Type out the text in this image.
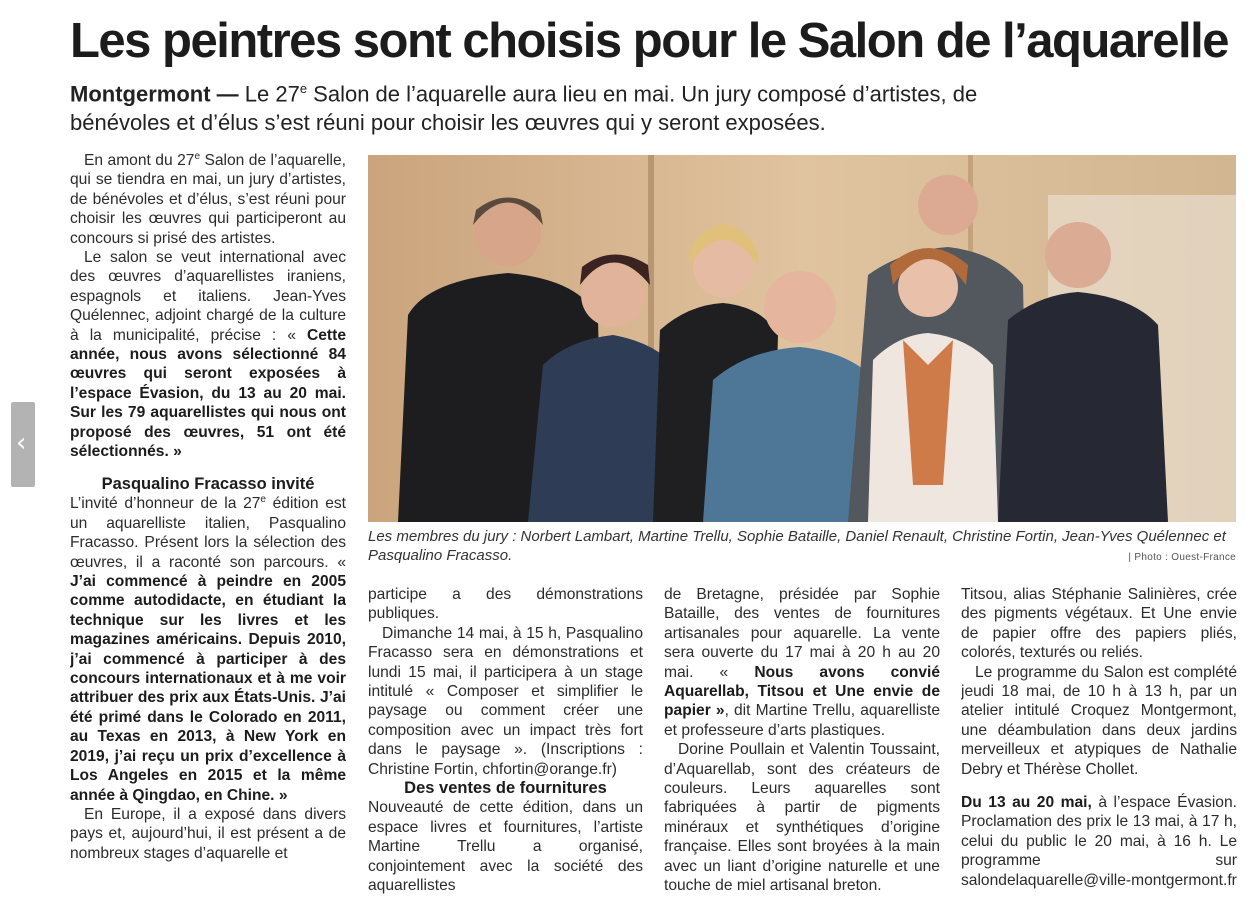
Les peintres sont choisis pour le Salon de l’aquarelle

Montgermont — Le 27e Salon de l’aquarelle aura lieu en mai. Un jury composé d’artistes, de bénévoles et d’élus s’est réuni pour choisir les œuvres qui y seront exposées.

En amont du 27e Salon de l’aquarelle, qui se tiendra en mai, un jury d’artistes, de bénévoles et d’élus, s’est réuni pour choisir les œuvres qui participeront au concours si prisé des artistes.

Le salon se veut international avec des œuvres d’aquarellistes iraniens, espagnols et italiens. Jean-Yves Quélennec, adjoint chargé de la culture à la municipalité, précise : « Cette année, nous avons sélectionné 84 œuvres qui seront exposées à l’espace Évasion, du 13 au 20 mai. Sur les 79 aquarellistes qui nous ont proposé des œuvres, 51 ont été sélectionnés. »

Pasqualino Fracasso invité

L’invité d’honneur de la 27e édition est un aquarelliste italien, Pasqualino Fracasso. Présent lors la sélection des œuvres, il a raconté son parcours. « J’ai commencé à peindre en 2005 comme autodidacte, en étudiant la technique sur les livres et les magazines américains. Depuis 2010, j’ai commencé à participer à des concours internationaux et à me voir attribuer des prix aux États-Unis. J’ai été primé dans le Colorado en 2011, au Texas en 2013, à New York en 2019, j’ai reçu un prix d’excellence à Los Angeles en 2015 et la même année à Qingdao, en Chine. »

En Europe, il a exposé dans divers pays et, aujourd’hui, il est présent a de nombreux stages d’aquarelle et

Les membres du jury : Norbert Lambart, Martine Trellu, Sophie Bataille, Daniel Renault, Christine Fortin, Jean-Yves Quélennec et Pasqualino Fracasso.	| Photo : Ouest-France

participe a des démonstrations publiques.

Dimanche 14 mai, à 15 h, Pasqualino Fracasso sera en démonstrations et lundi 15 mai, il participera à un stage intitulé « Composer et simplifier le paysage ou comment créer une composition avec un impact très fort dans le paysage ». (Inscriptions : Christine Fortin, chfortin@orange.fr)

Des ventes de fournitures

Nouveauté de cette édition, dans un espace livres et fournitures, l’artiste Martine Trellu a organisé, conjointement avec la société des aquarellistes

de Bretagne, présidée par Sophie Bataille, des ventes de fournitures artisanales pour aquarelle. La vente sera ouverte du 17 mai à 20 h au 20 mai. « Nous avons convié Aquarellab, Titsou et Une envie de papier », dit Martine Trellu, aquarelliste et professeure d’arts plastiques.

Dorine Poullain et Valentin Toussaint, d’Aquarellab, sont des créateurs de couleurs. Leurs aquarelles sont fabriquées à partir de pigments minéraux et synthétiques d’origine française. Elles sont broyées à la main avec un liant d’origine naturelle et une touche de miel artisanal breton.

Titsou, alias Stéphanie Salinières, crée des pigments végétaux. Et Une envie de papier offre des papiers pliés, colorés, texturés ou reliés.

Le programme du Salon est complété jeudi 18 mai, de 10 h à 13 h, par un atelier intitulé Croquez Montgermont, une déambulation dans deux jardins merveilleux et atypiques de Nathalie Debry et Thérèse Chollet.

Du 13 au 20 mai, à l’espace Évasion. Proclamation des prix le 13 mai, à 17 h, celui du public le 20 mai, à 16 h. Le programme sur salondelaquarelle@ville-montgermont.fr

‹
